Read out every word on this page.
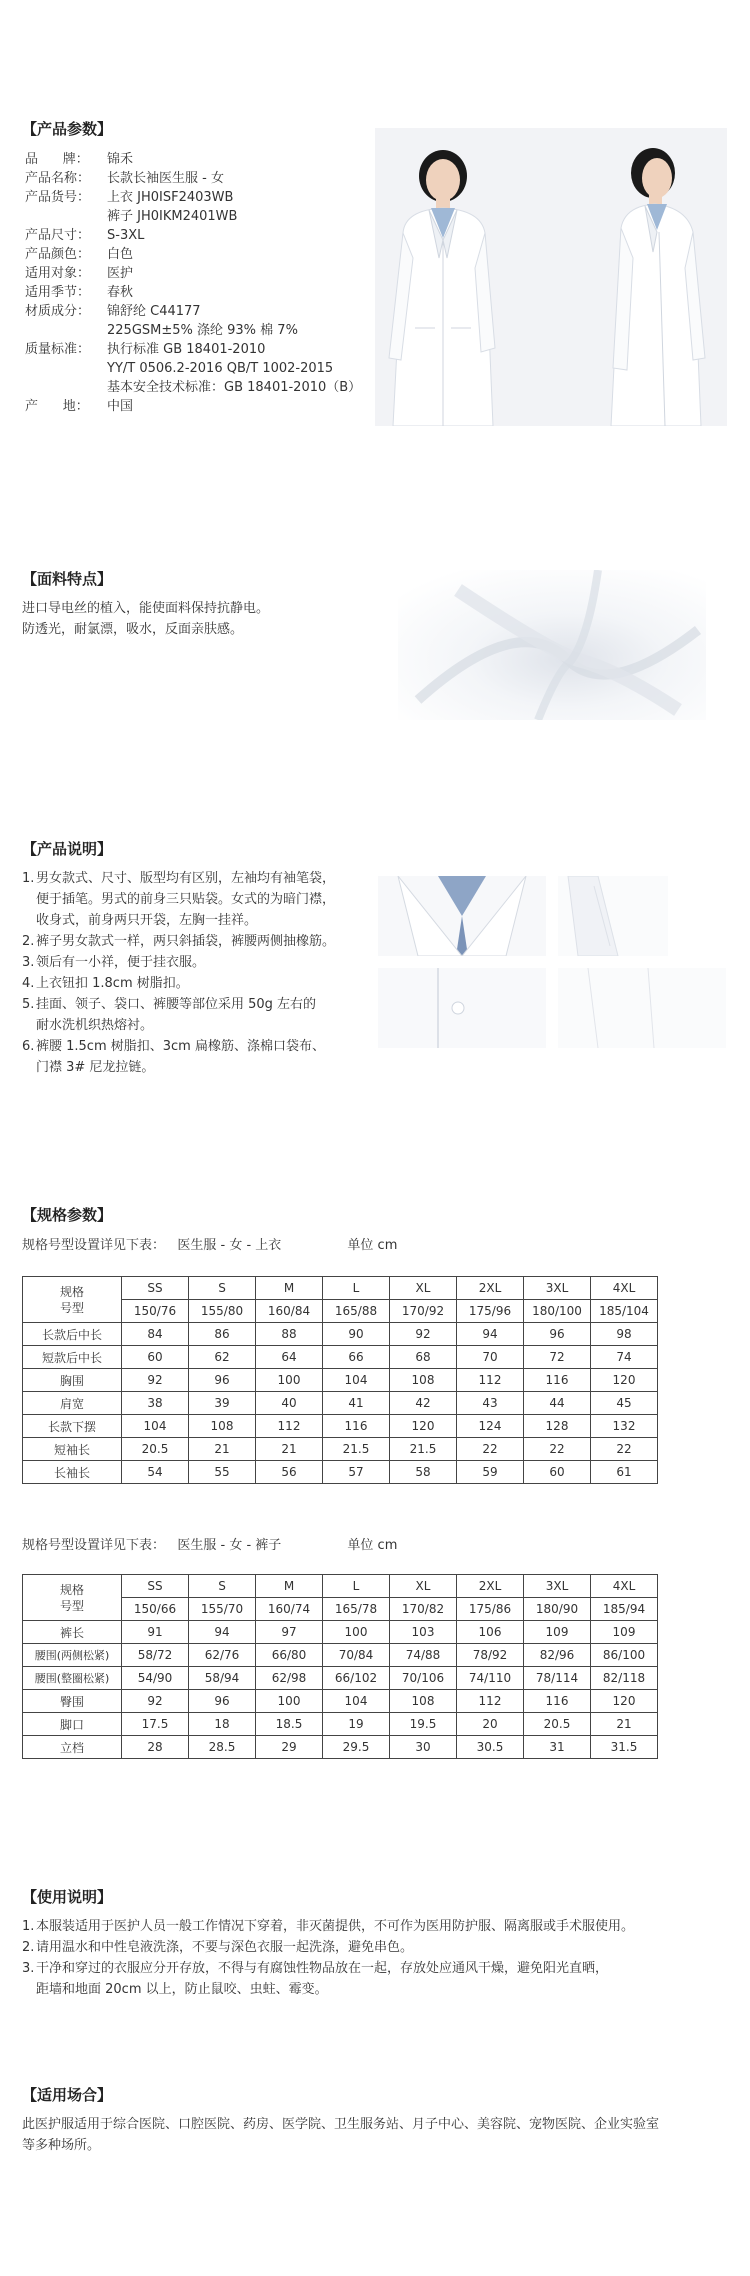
【产品参数】
品      牌：	锦禾
产品名称：	长款长袖医生服 - 女
产品货号：	上衣 JH0ISF2403WB
裤子 JH0IKM2401WB
产品尺寸：	S-3XL
产品颜色：	白色
适用对象：	医护
适用季节：	春秋
材质成分：	锦舒纶 C44177
225GSM±5% 涤纶 93% 棉 7%
质量标准：	执行标准 GB 18401-2010
YY/T 0506.2-2016 QB/T 1002-2015
基本安全技术标准：GB 18401-2010（B）
产      地：	中国
【面料特点】
进口导电丝的植入，能使面料保持抗静电。
防透光，耐氯漂，吸水，反面亲肤感。
【产品说明】
1. 男女款式、尺寸、版型均有区别，左袖均有袖笔袋，
便于插笔。男式的前身三只贴袋。女式的为暗门襟，
收身式，前身两只开袋，左胸一挂祥。
2. 裤子男女款式一样，两只斜插袋，裤腰两侧抽橡筋。
3. 领后有一小祥，便于挂衣服。
4. 上衣钮扣 1.8cm 树脂扣。
5. 挂面、领子、袋口、裤腰等部位采用 50g 左右的
耐水洗机织热熔衬。
6. 裤腰 1.5cm 树脂扣、3cm 扁橡筋、涤棉口袋布、
门襟 3# 尼龙拉链。
【规格参数】
规格号型设置详见下表：   医生服 - 女 - 上衣                单位 cm
规格
号型	SS	S	M	L	XL	2XL	3XL	4XL
	150/76	155/80	160/84	165/88	170/92	175/96	180/100	185/104
长款后中长	84	86	88	90	92	94	96	98
短款后中长	60	62	64	66	68	70	72	74
胸围	92	96	100	104	108	112	116	120
肩宽	38	39	40	41	42	43	44	45
长款下摆	104	108	112	116	120	124	128	132
短袖长	20.5	21	21	21.5	21.5	22	22	22
长袖长	54	55	56	57	58	59	60	61
规格号型设置详见下表：   医生服 - 女 - 裤子                单位 cm
规格
号型	SS	S	M	L	XL	2XL	3XL	4XL
	150/66	155/70	160/74	165/78	170/82	175/86	180/90	185/94
裤长	91	94	97	100	103	106	109	109
腰围(两侧松紧)	58/72	62/76	66/80	70/84	74/88	78/92	82/96	86/100
腰围(整圈松紧)	54/90	58/94	62/98	66/102	70/106	74/110	78/114	82/118
臀围	92	96	100	104	108	112	116	120
脚口	17.5	18	18.5	19	19.5	20	20.5	21
立档	28	28.5	29	29.5	30	30.5	31	31.5
【使用说明】
1. 本服装适用于医护人员一般工作情况下穿着，非灭菌提供，不可作为医用防护服、隔离服或手术服使用。
2. 请用温水和中性皂液洗涤，不要与深色衣服一起洗涤，避免串色。
3. 干净和穿过的衣服应分开存放，不得与有腐蚀性物品放在一起，存放处应通风干燥，避免阳光直晒，
距墙和地面 20cm 以上，防止鼠咬、虫蛀、霉变。
【适用场合】
此医护服适用于综合医院、口腔医院、药房、医学院、卫生服务站、月子中心、美容院、宠物医院、企业实验室
等多种场所。
